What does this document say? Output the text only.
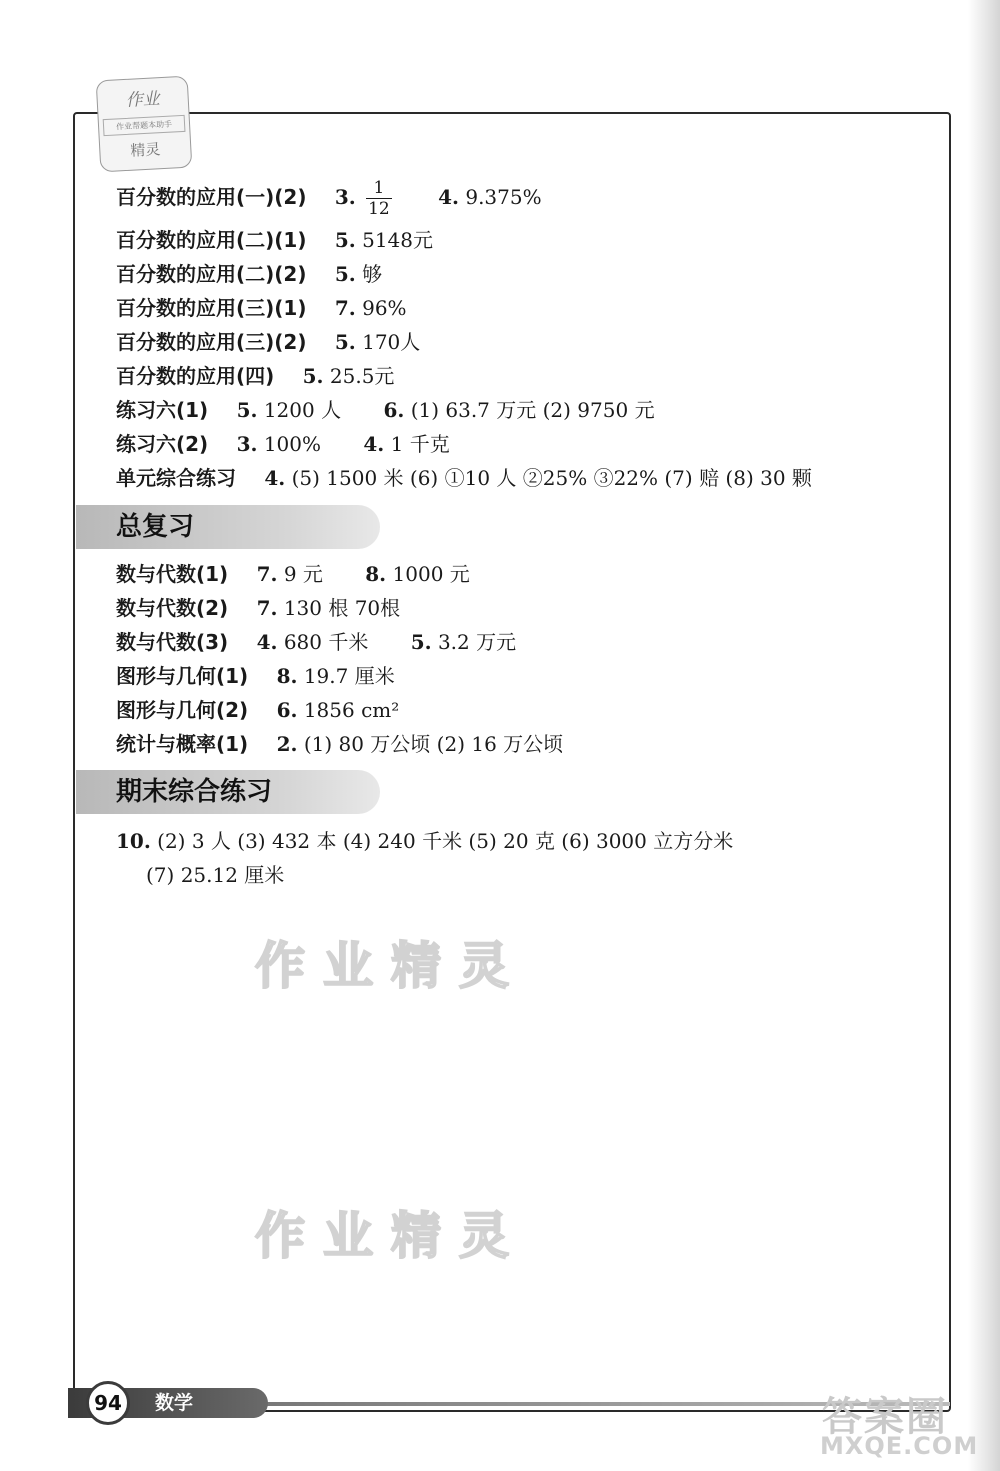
作业
作业帮题本助手
精灵
百分数的应用(一)(2) 3. $\frac{1}{12} 4$. 9.375%
百分数的应用(二)(1) 5. 5148元
百分数的应用(二)(2) 5. 够
百分数的应用(三)(1) 7. 96%
百分数的应用(三)(2) 5. 170人
百分数的应用(四) 5. 25.5元
练习六(1) 5. 1200 人 6. (1) 63.7 万元 (2) 9750 元
练习六(2) 3. 100% 4. 1 千克
单元综合练习 4. (5) 1500 米 (6) ①10 人 ②25% ③22% (7) 赔 (8) 30 颗
总复习
数与代数(1) 7. 9 元 8. 1000 元
数与代数(2) 7. 130 根 70根
数与代数(3) 4. 680 千米 5. 3.2 万元
图形与几何(1) 8. 19.7 厘米
图形与几何(2) 6. 1856 cm²
统计与概率(1) 2. (1) 80 万公顷 (2) 16 万公顷
期末综合练习
10. (2) 3 人 (3) 432 本 (4) 240 千米 (5) 20 克 (6) 3000 立方分米
(7) 25.12 厘米
作业精灵
作业精灵
94	数学	答案圈
MXQE.COM
